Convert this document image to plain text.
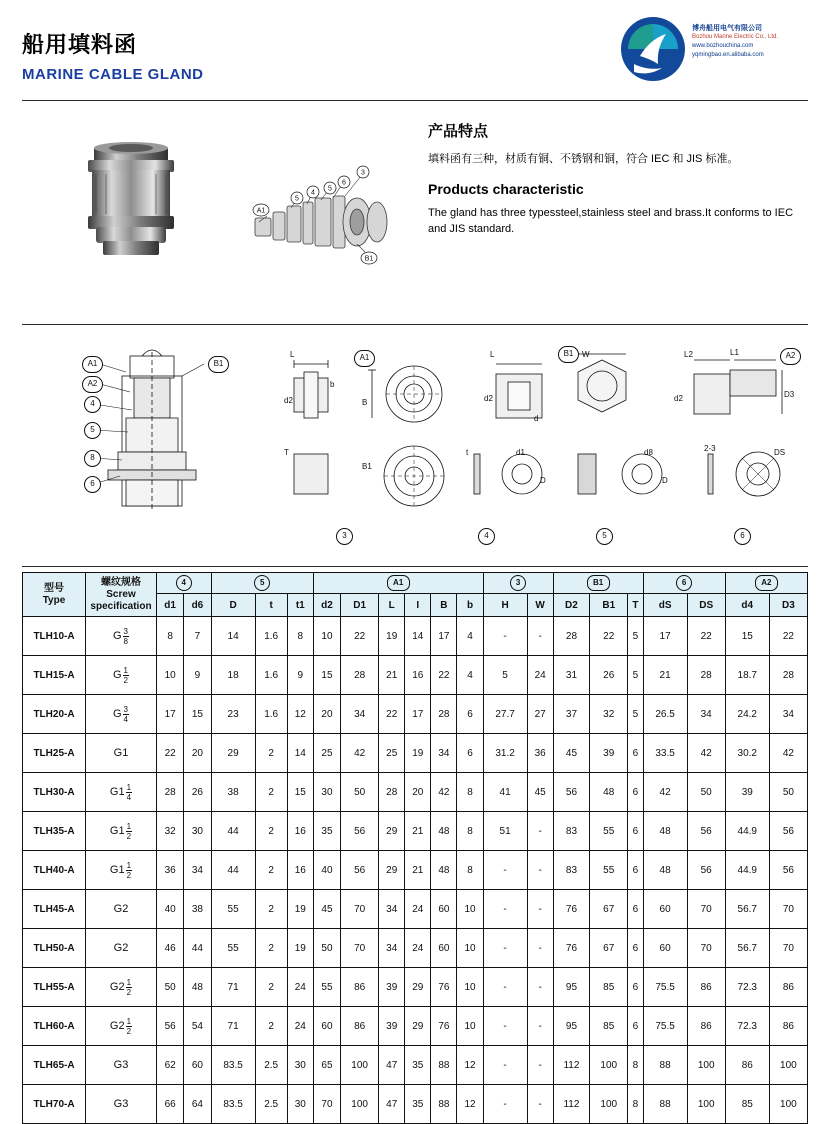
船用填料函
MARINE CABLE GLAND
博舟船用电气有限公司
Bozhou Marine Electric Co., Ltd.
www.bozhouchina.com
yqmingbao.en.alibaba.com
3
6
5
4
5
A1
B1
产品特点
填料函有三种，材质有铜、不锈钢和铜，符合 IEC 和 JIS 标准。
Products characteristic
The gland has three typessteel,stainless steel and brass.It conforms to IEC and JIS standard.
A1
A2
4
5
8
6
B1
A1	B1	A2
3	4	5	6
L
d2
b
B
L
d2
d
W	L2	L1
d2	D3
T
B1
t	d1
D
d8
D
2-3	DS
型号
Type	螺纹规格
Screw
specification	4		5			A1						3		B1			6		A2	
		d1	d6	D	t	t1	d2	D1	L	I	B	b	H	W	D2	B1	T	dS	DS	d4	D3
TLH10-A	G $\frac{3}{8}$	8	7	14	1.6	8	10	22	19	14	17	4	-	-	28	22	5	17	22	15	22
TLH15-A	G $\frac{1}{2}$	10	9	18	1.6	9	15	28	21	16	22	4	5	24	31	26	5	21	28	18.7	28
TLH20-A	G $\frac{3}{4}$	17	15	23	1.6	12	20	34	22	17	28	6	27.7	27	37	32	5	26.5	34	24.2	34
TLH25-A	G1	22	20	29	2	14	25	42	25	19	34	6	31.2	36	45	39	6	33.5	42	30.2	42
TLH30-A	$G1 \frac{1}{4}$	28	26	38	2	15	30	50	28	20	42	8	41	45	56	48	6	42	50	39	50
TLH35-A	$G1 \frac{1}{2}$	32	30	44	2	16	35	56	29	21	48	8	51	-	83	55	6	48	56	44.9	56
TLH40-A	$G1 \frac{1}{2}$	36	34	44	2	16	40	56	29	21	48	8	-	-	83	55	6	48	56	44.9	56
TLH45-A	G2	40	38	55	2	19	45	70	34	24	60	10	-	-	76	67	6	60	70	56.7	70
TLH50-A	G2	46	44	55	2	19	50	70	34	24	60	10	-	-	76	67	6	60	70	56.7	70
TLH55-A	$G2 \frac{1}{2}$	50	48	71	2	24	55	86	39	29	76	10	-	-	95	85	6	75.5	86	72.3	86
TLH60-A	$G2 \frac{1}{2}$	56	54	71	2	24	60	86	39	29	76	10	-	-	95	85	6	75.5	86	72.3	86
TLH65-A	G3	62	60	83.5	2.5	30	65	100	47	35	88	12	-	-	112	100	8	88	100	86	100
TLH70-A	G3	66	64	83.5	2.5	30	70	100	47	35	88	12	-	-	112	100	8	88	100	85	100
